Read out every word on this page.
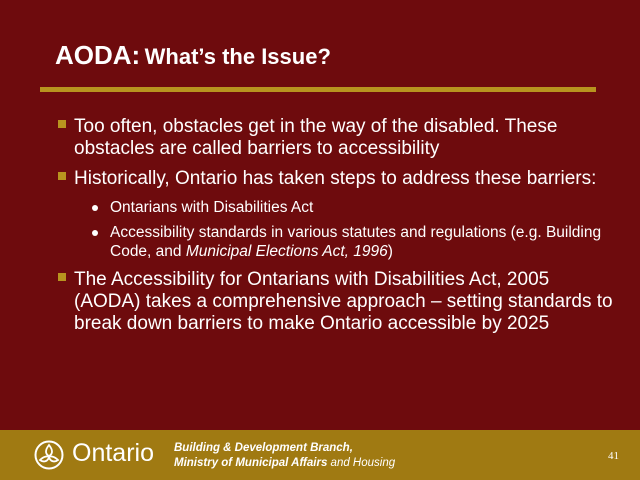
AODA: What’s the Issue?
Too often, obstacles get in the way of the disabled. These obstacles are called barriers to accessibility
Historically, Ontario has taken steps to address these barriers:
Ontarians with Disabilities Act
Accessibility standards in various statutes and regulations (e.g. Building Code, and Municipal Elections Act, 1996)
The Accessibility for Ontarians with Disabilities Act, 2005 (AODA) takes a comprehensive approach – setting standards to break down barriers to make Ontario accessible by 2025
Ontario Building & Development Branch,
Ministry of Municipal Affairs and Housing
41
